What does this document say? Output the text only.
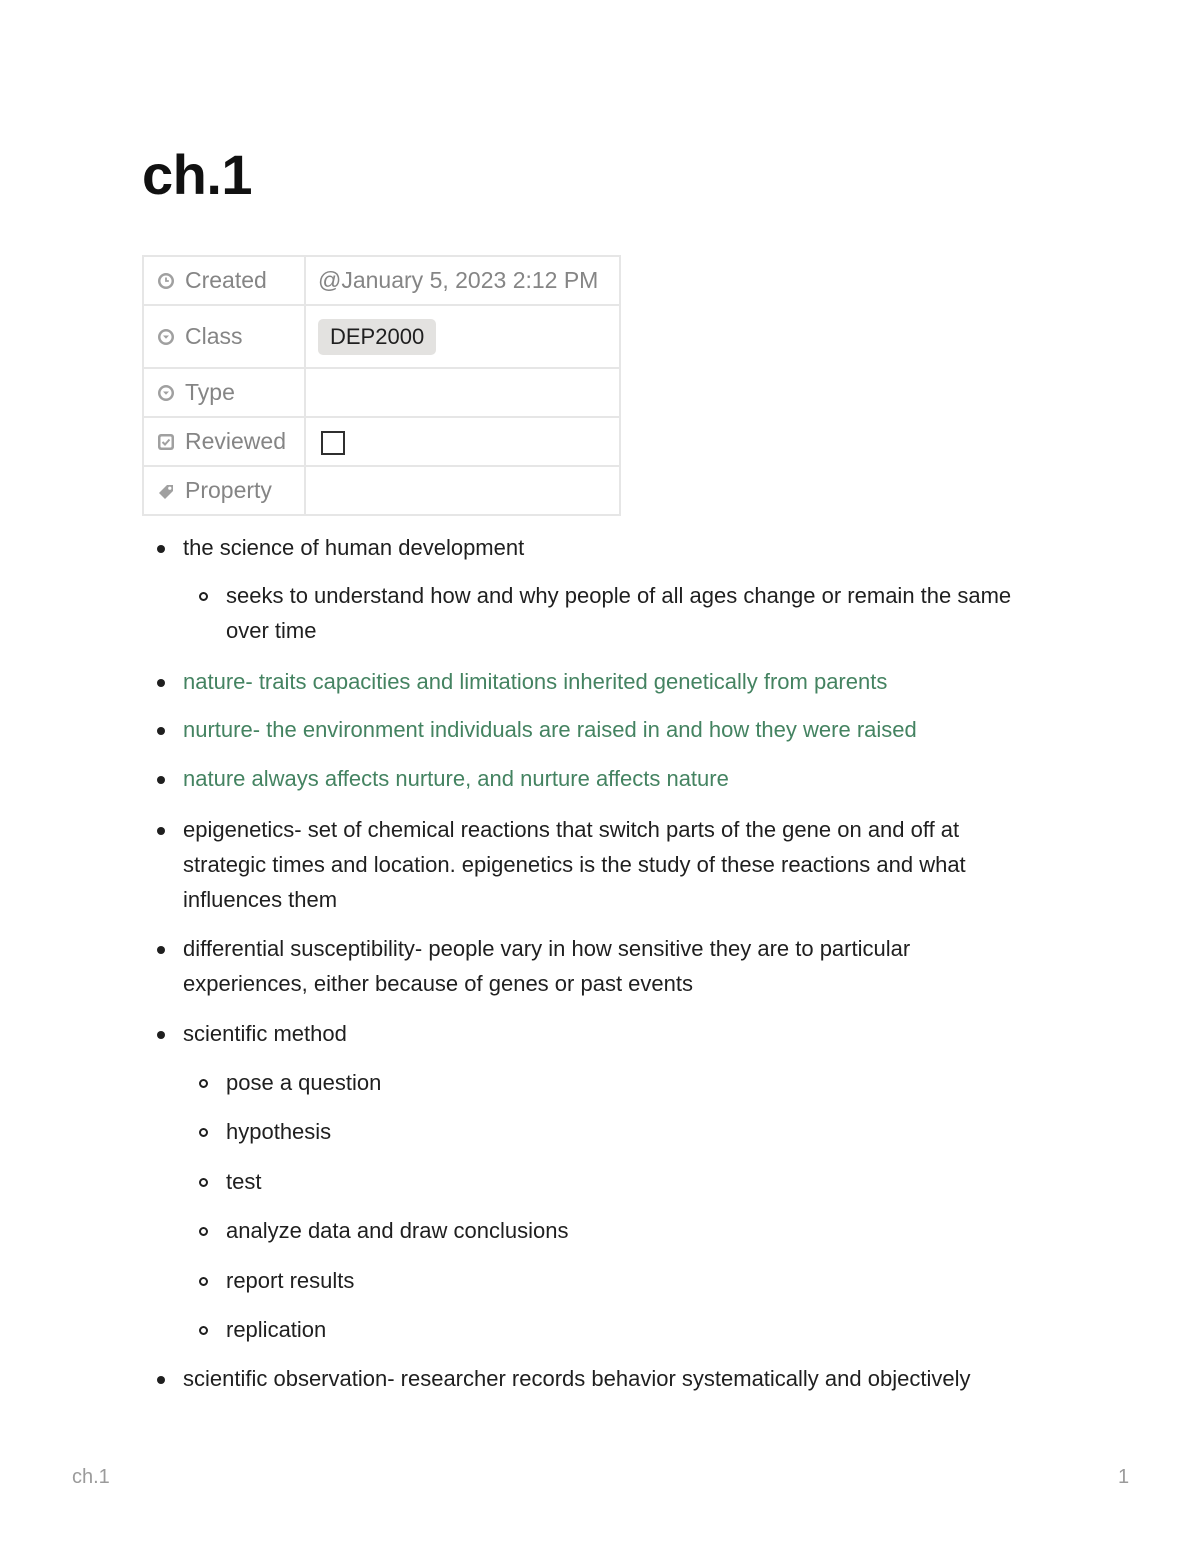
ch.1
Created	@January 5, 2023 2:12 PM
Class	DEP2000
Type	
Reviewed	
Property	
the science of human development
seeks to understand how and why people of all ages change or remain the same over time
nature- traits capacities and limitations inherited genetically from parents
nurture- the environment individuals are raised in and how they were raised
nature always affects nurture, and nurture affects nature
epigenetics- set of chemical reactions that switch parts of the gene on and off at strategic times and location. epigenetics is the study of these reactions and what influences them
differential susceptibility- people vary in how sensitive they are to particular experiences, either because of genes or past events
scientific method
pose a question
hypothesis
test
analyze data and draw conclusions
report results
replication
scientific observation- researcher records behavior systematically and objectively
ch.1	1
